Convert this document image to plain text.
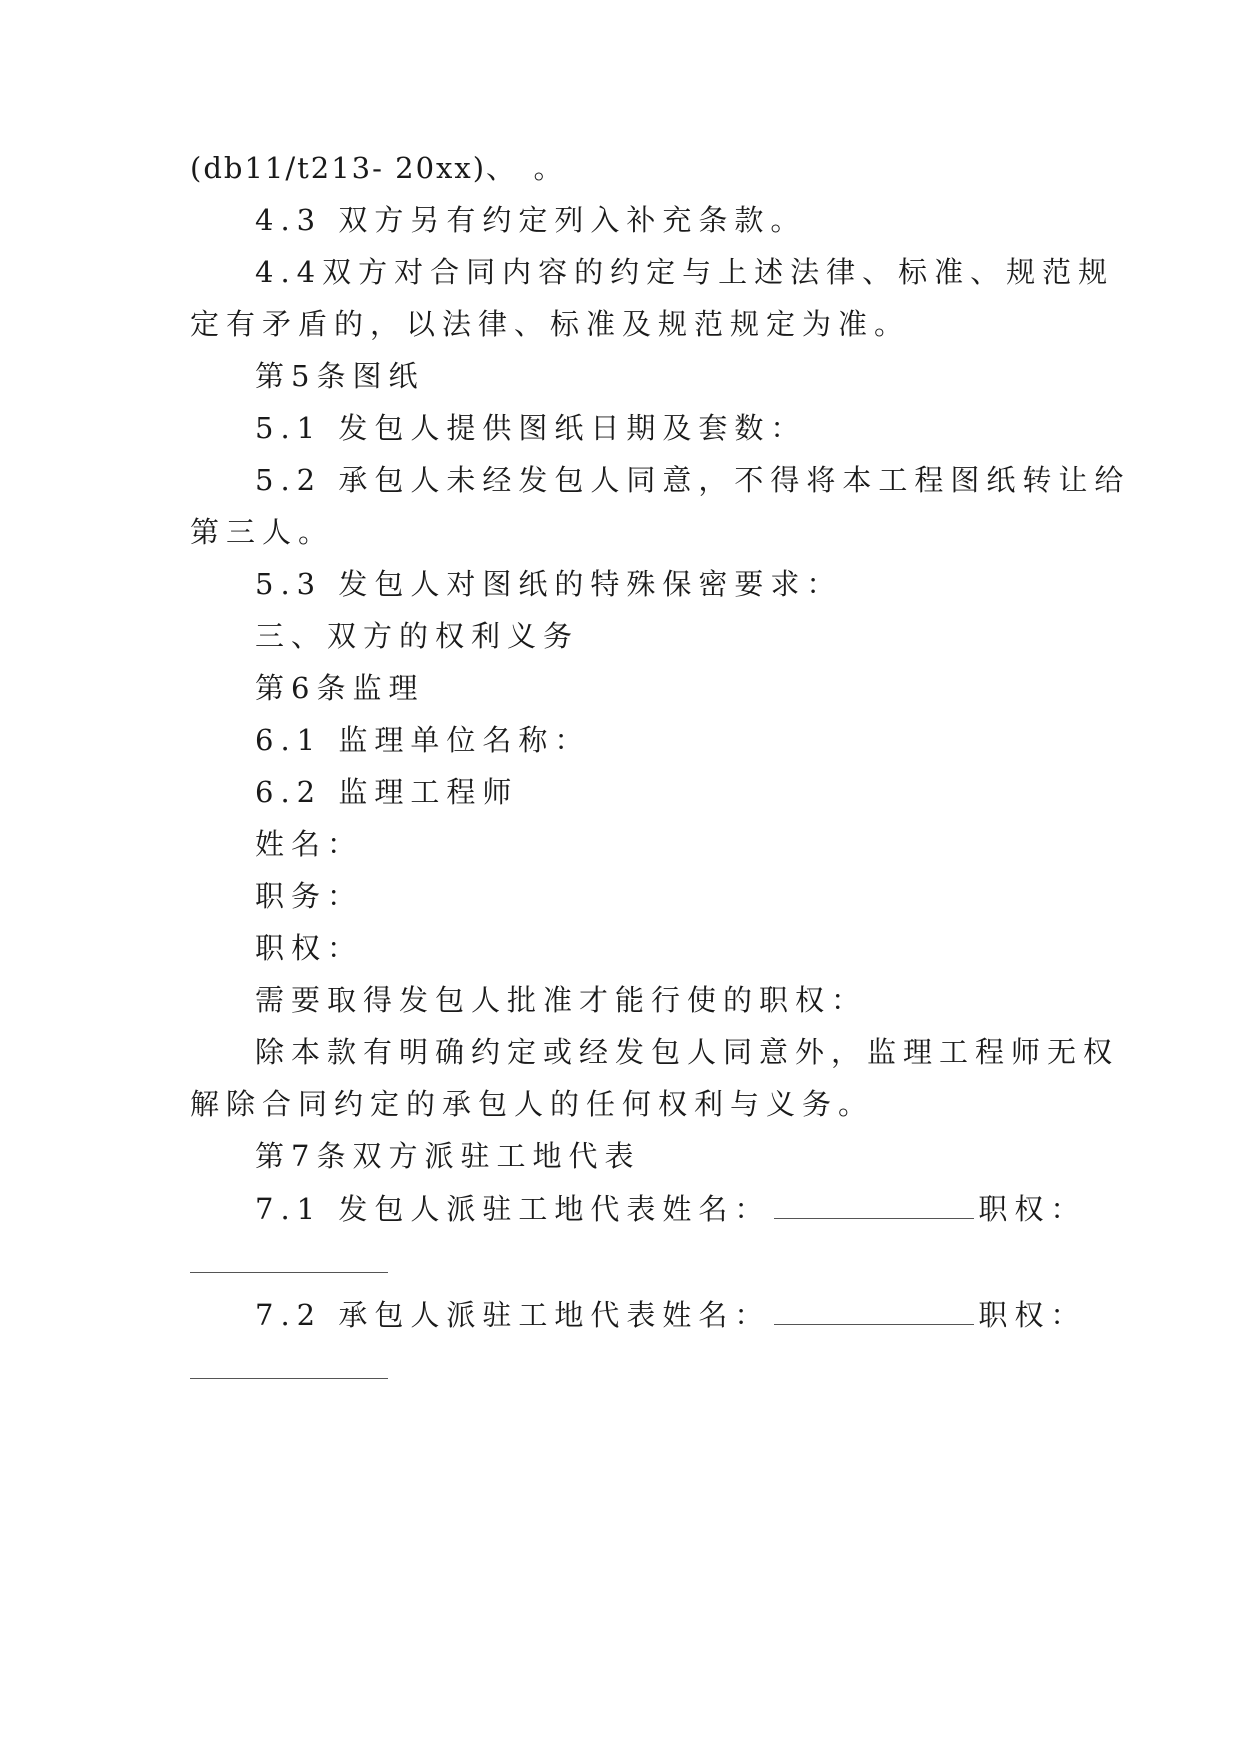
(db11/t213- 20xx)、　。
4.3 双方另有约定列入补充条款。
4.4双方对合同内容的约定与上述法律、标准、规范规
定有矛盾的，以法律、标准及规范规定为准。
第5条图纸
5.1 发包人提供图纸日期及套数：
5.2 承包人未经发包人同意，不得将本工程图纸转让给
第三人。
5.3 发包人对图纸的特殊保密要求：
三、双方的权利义务
第6条监理
6.1 监理单位名称：
6.2 监理工程师
姓名：
职务：
职权：
需要取得发包人批准才能行使的职权：
除本款有明确约定或经发包人同意外，监理工程师无权
解除合同约定的承包人的任何权利与义务。
第7条双方派驻工地代表
7.1 发包人派驻工地代表姓名：	职权：
7.2 承包人派驻工地代表姓名：	职权：
